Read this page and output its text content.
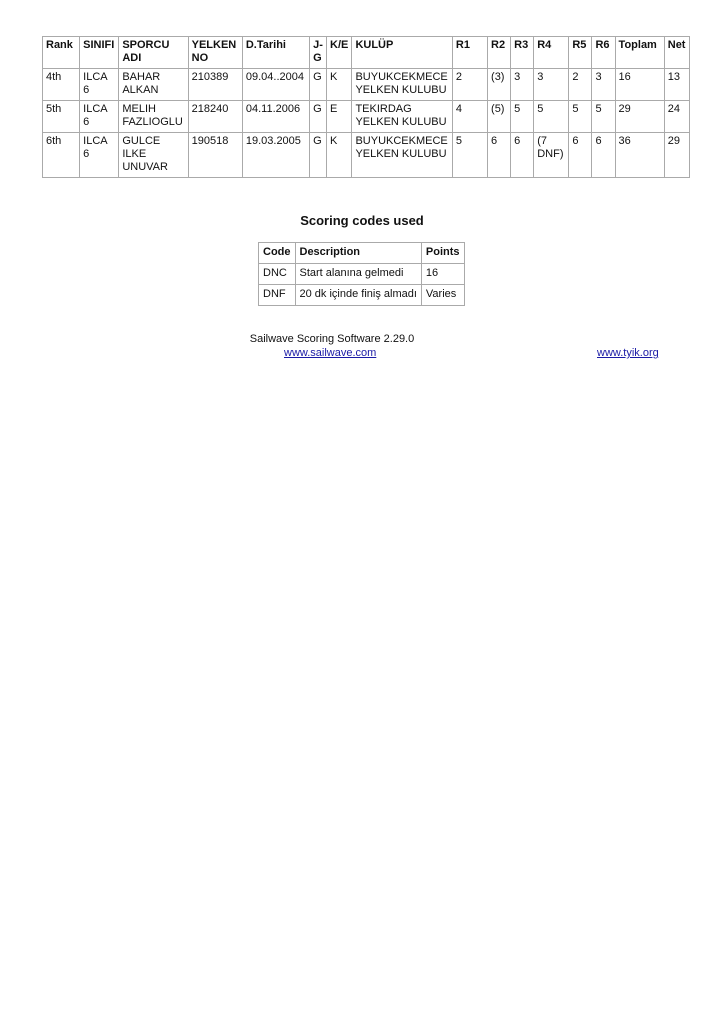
Rank	SINIFI	SPORCU ADI	YELKEN NO	D.Tarihi	J-G	K/E	KULÜP	R1	R2	R3	R4	R5	R6	Toplam	Net
4th	ILCA 6	BAHAR ALKAN	210389	09.04..2004	G	K	BUYUKCEKMECE YELKEN KULUBU	2	(3)	3	3	2	3	16	13
5th	ILCA 6	MELIH FAZLIOGLU	218240	04.11.2006	G	E	TEKIRDAG YELKEN KULUBU	4	(5)	5	5	5	5	29	24
6th	ILCA 6	GULCE ILKE UNUVAR	190518	19.03.2005	G	K	BUYUKCEKMECE YELKEN KULUBU	5	6	6	(7 DNF)	6	6	36	29
Scoring codes used
Code	Description	Points
DNC	Start alanına gelmedi	16
DNF	20 dk içinde finiş almadı	Varies
Sailwave Scoring Software 2.29.0
www.sailwave.com	www.tyik.org
